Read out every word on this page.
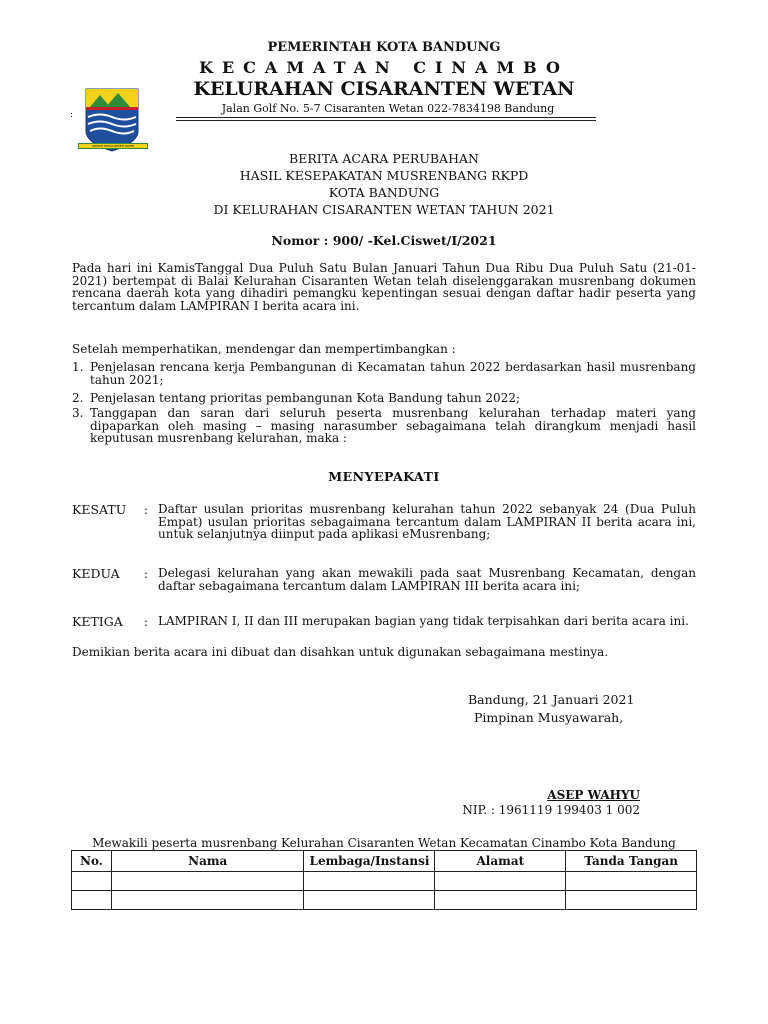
GEMAH RIPAH REPEH RAPIH
:
PEMERINTAH KOTA BANDUNG
KECAMATAN CINAMBO
KELURAHAN CISARANTEN WETAN
Jalan Golf No. 5-7 Cisaranten Wetan 022-7834198 Bandung
BERITA ACARA PERUBAHAN
HASIL KESEPAKATAN MUSRENBANG RKPD
KOTA BANDUNG
DI KELURAHAN CISARANTEN WETAN TAHUN 2021
Nomor : 900/ -Kel.Ciswet/I/2021
Pada hari ini KamisTanggal Dua Puluh Satu Bulan Januari Tahun Dua Ribu Dua Puluh Satu (21-01-2021) bertempat di Balai Kelurahan Cisaranten Wetan telah diselenggarakan musrenbang dokumen rencana daerah kota yang dihadiri pemangku kepentingan sesuai dengan daftar hadir peserta yang tercantum dalam LAMPIRAN I berita acara ini.
Setelah memperhatikan, mendengar dan mempertimbangkan :
1. Penjelasan rencana kerja Pembangunan di Kecamatan tahun 2022 berdasarkan hasil musrenbang tahun 2021;
2. Penjelasan tentang prioritas pembangunan Kota Bandung tahun 2022;
3. Tanggapan dan saran dari seluruh peserta musrenbang kelurahan terhadap materi yang dipaparkan oleh masing – masing narasumber sebagaimana telah dirangkum menjadi hasil keputusan musrenbang kelurahan, maka :
MENYEPAKATI
KESATU	: Daftar usulan prioritas musrenbang kelurahan tahun 2022 sebanyak 24 (Dua Puluh Empat) usulan prioritas sebagaimana tercantum dalam LAMPIRAN II berita acara ini, untuk selanjutnya diinput pada aplikasi eMusrenbang;
KEDUA	: Delegasi kelurahan yang akan mewakili pada saat Musrenbang Kecamatan, dengan daftar sebagaimana tercantum dalam LAMPIRAN III berita acara ini;
KETIGA	: LAMPIRAN I, II dan III merupakan bagian yang tidak terpisahkan dari berita acara ini.
Demikian berita acara ini dibuat dan disahkan untuk digunakan sebagaimana mestinya.
Bandung, 21 Januari 2021
Pimpinan Musyawarah,
ASEP WAHYU
NIP. : 1961119 199403 1 002
Mewakili peserta musrenbang Kelurahan Cisaranten Wetan Kecamatan Cinambo Kota Bandung
No.	Nama	Lembaga/Instansi	Alamat	Tanda Tangan
